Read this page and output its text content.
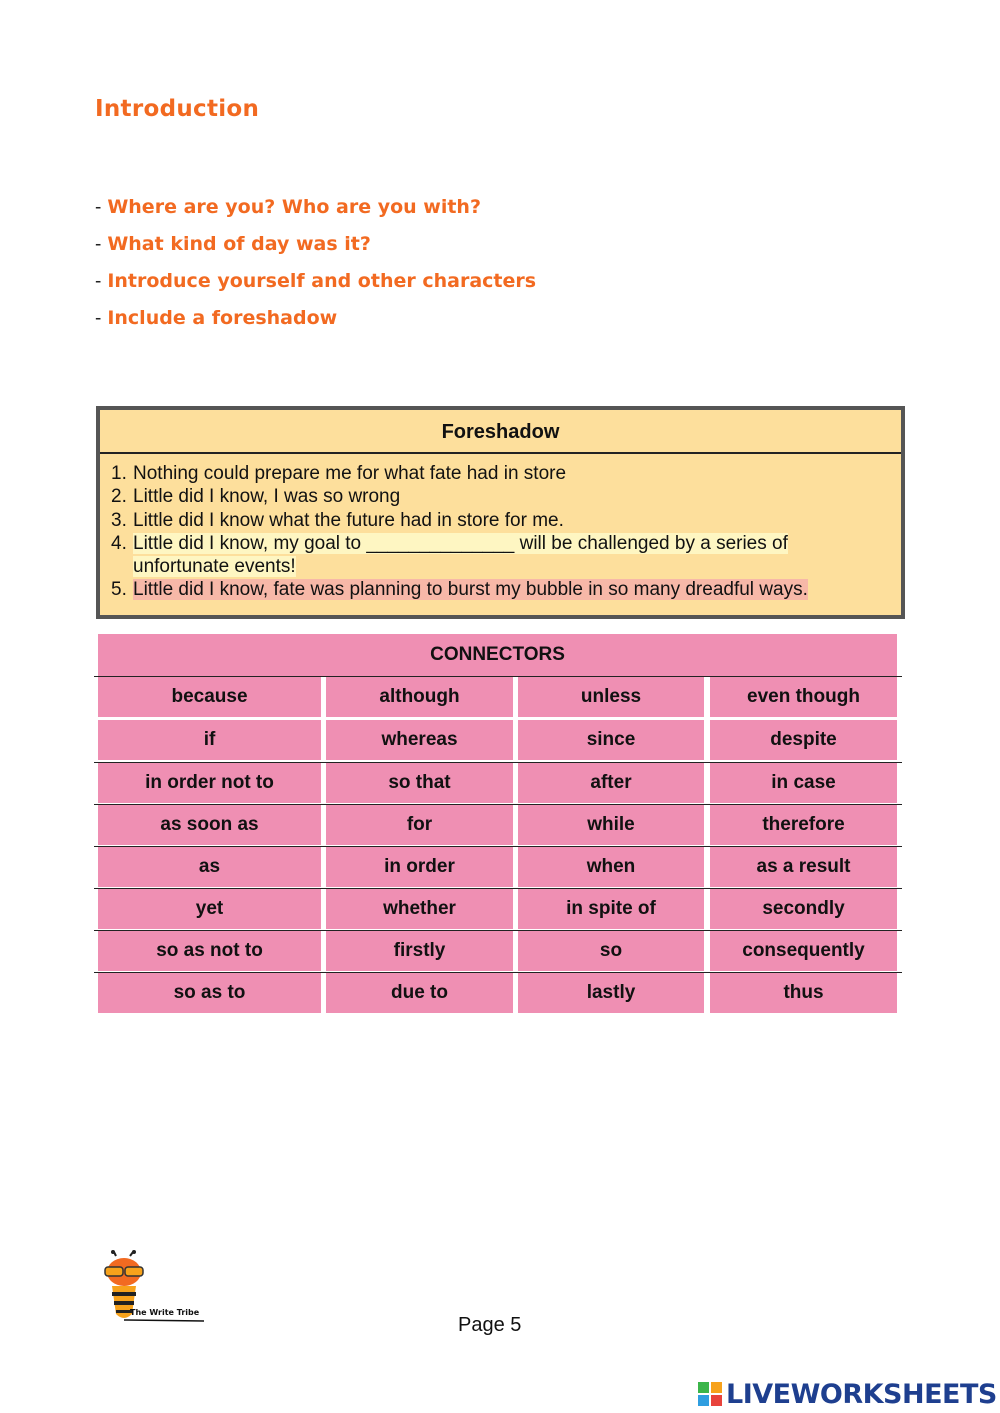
Introduction
- Where are you? Who are you with?
- What kind of day was it?
- Introduce yourself and other characters
- Include a foreshadow
Foreshadow
1. Nothing could prepare me for what fate had in store
2. Little did I know, I was so wrong
3. Little did I know what the future had in store for me.
4. Little did I know, my goal to ______________ will be challenged by a series of
unfortunate events!
5. Little did I know, fate was planning to burst my bubble in so many dreadful ways.
CONNECTORS
because	although	unless	even though
if	whereas	since	despite
in order not to	so that	after	in case
as soon as	for	while	therefore
as	in order	when	as a result
yet	whether	in spite of	secondly
so as not to	firstly	so	consequently
so as to	due to	lastly	thus
The Write Tribe
Page 5
LIVEWORKSHEETS
